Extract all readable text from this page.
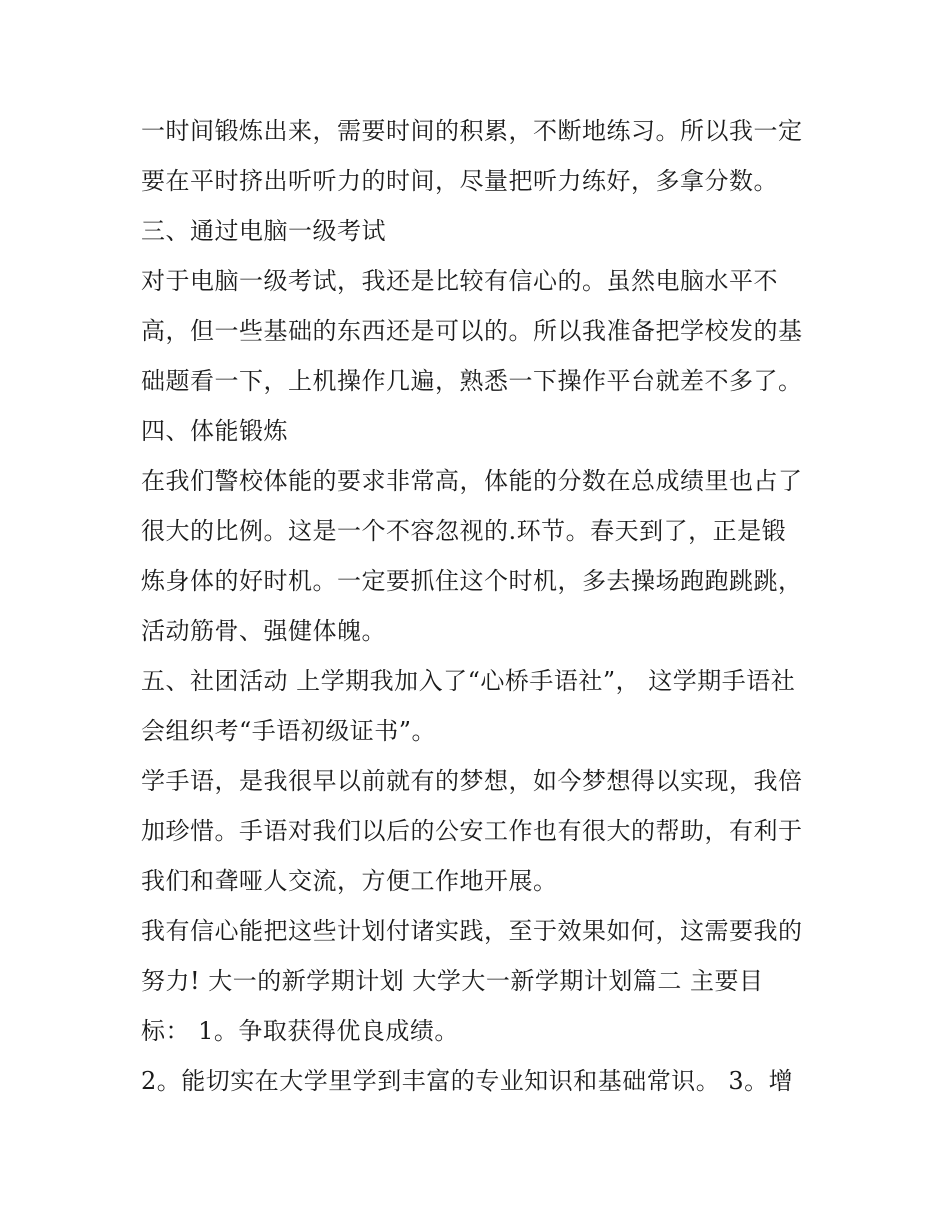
一时间锻炼出来，需要时间的积累，不断地练习。所以我一定
要在平时挤出听听力的时间，尽量把听力练好，多拿分数。
三、通过电脑一级考试
对于电脑一级考试，我还是比较有信心的。虽然电脑水平不
高，但一些基础的东西还是可以的。所以我准备把学校发的基
础题看一下，上机操作几遍，熟悉一下操作平台就差不多了。
四、体能锻炼
在我们警校体能的要求非常高，体能的分数在总成绩里也占了
很大的比例。这是一个不容忽视的.环节。春天到了，正是锻
炼身体的好时机。一定要抓住这个时机，多去操场跑跑跳跳，
活动筋骨、强健体魄。
五、社团活动 上学期我加入了“心桥手语社”， 这学期手语社
会组织考“手语初级证书”。
学手语，是我很早以前就有的梦想，如今梦想得以实现，我倍
加珍惜。手语对我们以后的公安工作也有很大的帮助，有利于
我们和聋哑人交流，方便工作地开展。
我有信心能把这些计划付诸实践，至于效果如何，这需要我的
努力! 大一的新学期计划 大学大一新学期计划篇二 主要目
标： 1。争取获得优良成绩。
2。能切实在大学里学到丰富的专业知识和基础常识。 3。增
